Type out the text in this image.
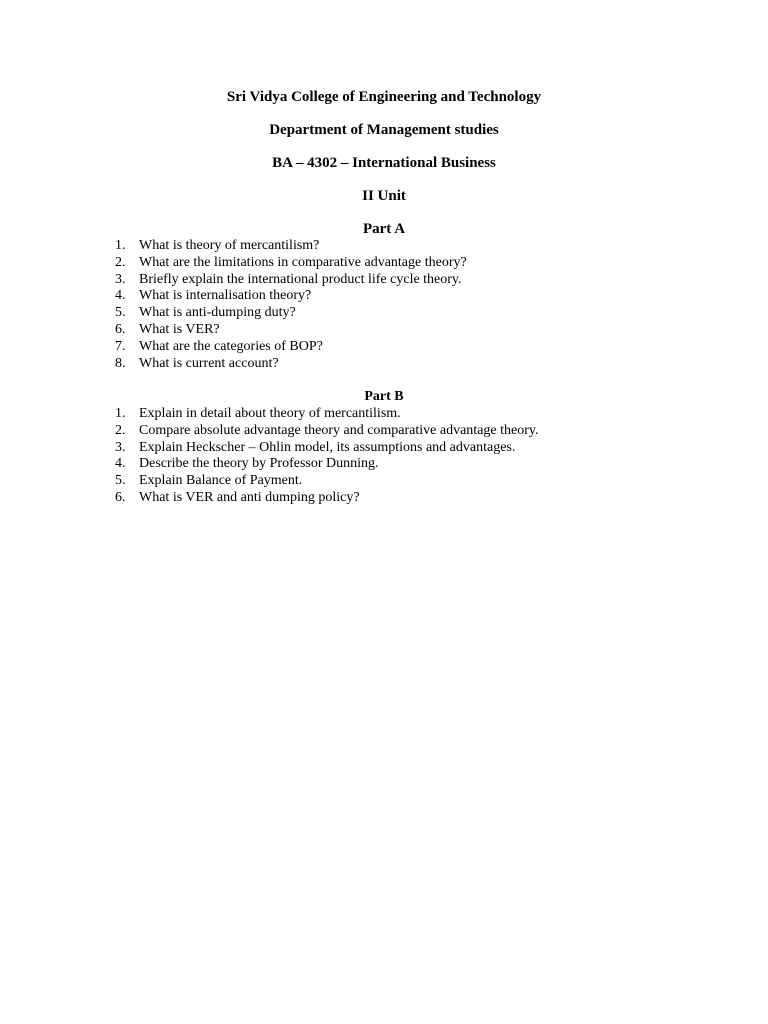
Sri Vidya College of Engineering and Technology
Department of Management studies
BA – 4302 – International Business
II Unit
Part A
1. What is theory of mercantilism?
2. What are the limitations in comparative advantage theory?
3. Briefly explain the international product life cycle theory.
4. What is internalisation theory?
5. What is anti-dumping duty?
6. What is VER?
7. What are the categories of BOP?
8. What is current account?
Part B
1. Explain in detail about theory of mercantilism.
2. Compare absolute advantage theory and comparative advantage theory.
3. Explain Heckscher – Ohlin model, its assumptions and advantages.
4. Describe the theory by Professor Dunning.
5. Explain Balance of Payment.
6. What is VER and anti dumping policy?
